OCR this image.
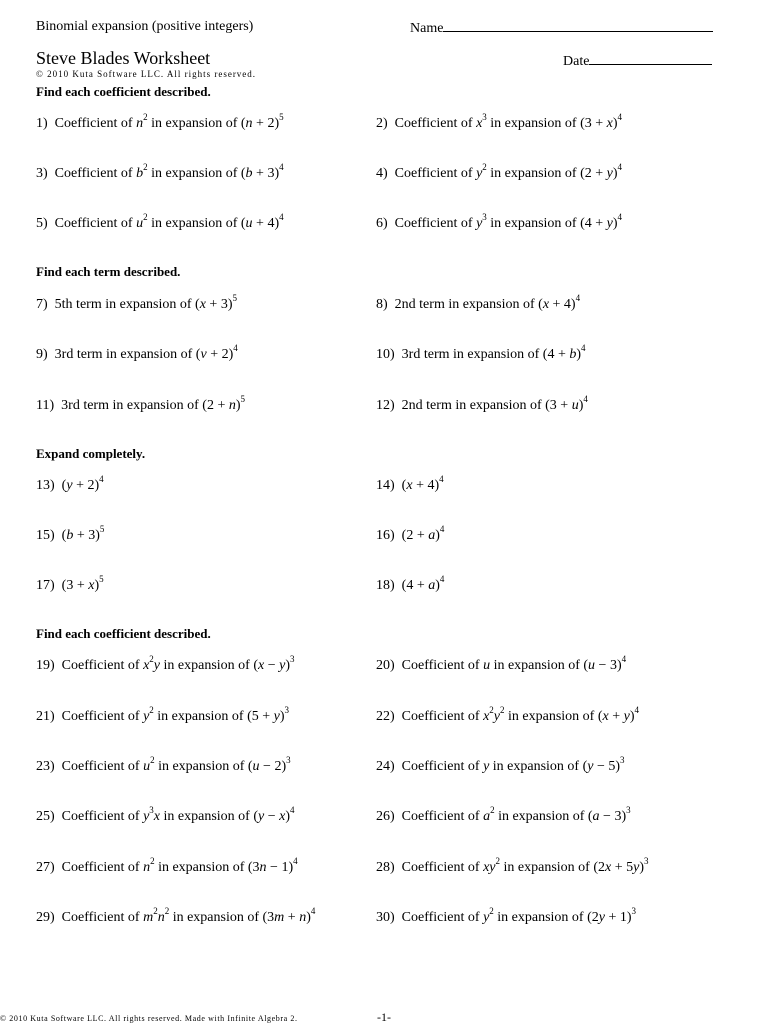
Binomial expansion (positive integers)	Name
Steve Blades Worksheet	Date
© 2010 Kuta Software LLC. All rights reserved.
Find each coefficient described.
Find each term described.
Expand completely.
Find each coefficient described.
1)  Coefficient of $n^2$ in expansion of $(n + 2)^5$	2)  Coefficient of $x^3$ in expansion of $(3 + x)^4$
3)  Coefficient of $b^2$ in expansion of $(b + 3)^4$	4)  Coefficient of $y^2$ in expansion of $(2 + y)^4$
5)  Coefficient of $u^2$ in expansion of $(u + 4)^4$	6)  Coefficient of $y^3$ in expansion of $(4 + y)^4$
7)  5th term in expansion of $(x + 3)^5$	8)  2nd term in expansion of $(x + 4)^4$
9)  3rd term in expansion of $(v + 2)^4$	10)  3rd term in expansion of $(4 + b)^4$
11)  3rd term in expansion of $(2 + n)^5$	12)  2nd term in expansion of $(3 + u)^4$
13)  $(y + 2)^4$	14)  $(x + 4)^4$
15)  $(b + 3)^5$	16)  $(2 + a)^4$
17)  $(3 + x)^5$	18)  $(4 + a)^4$
19)  Coefficient of $x^2y$ in expansion of $(x - y)^3$	20)  Coefficient of u in expansion of $(u - 3)^4$
21)  Coefficient of $y^2$ in expansion of $(5 + y)^3$	22)  Coefficient of $x^2y^2$ in expansion of $(x + y)^4$
23)  Coefficient of $u^2$ in expansion of $(u - 2)^3$	24)  Coefficient of y in expansion of $(y - 5)^3$
25)  Coefficient of $y^3x$ in expansion of $(y - x)^4$	26)  Coefficient of $a^2$ in expansion of $(a - 3)^3$
27)  Coefficient of $n^2$ in expansion of $(3n - 1)^4$	28)  Coefficient of $xy^2$ in expansion of $(2x + 5y)^3$
29)  Coefficient of $m^2n^2$ in expansion of $(3m + n)^4$	30)  Coefficient of $y^2$ in expansion of $(2y + 1)^3$
© 2010 Kuta Software LLC. All rights reserved. Made with Infinite Algebra 2.	-1-
